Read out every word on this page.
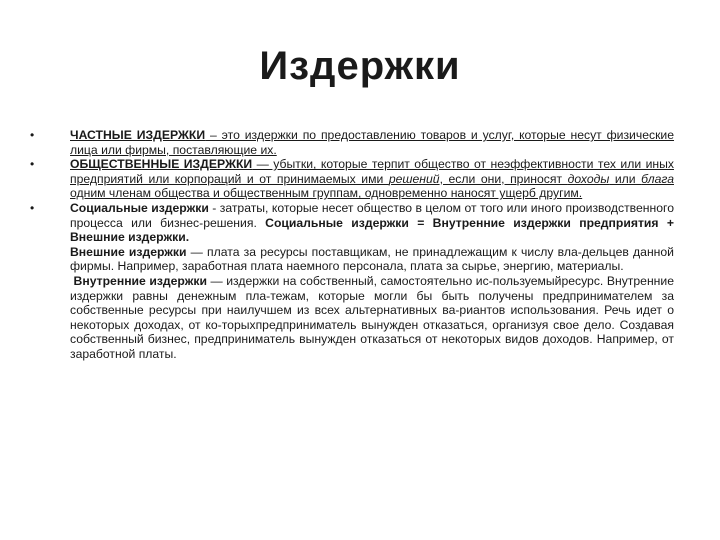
Издержки
•	ЧАСТНЫЕ ИЗДЕРЖКИ – это издержки по предоставлению товаров и услуг, которые несут физические лица или фирмы, поставляющие их.

•	ОБЩЕСТВЕННЫЕ ИЗДЕРЖКИ — убытки, которые терпит общество от неэффективности тех или иных предприятий или корпораций и от принимаемых ими решений, если они, приносят доходы или блага одним членам общества и общественным группам, одновременно наносят ущерб другим.

•	Социальные издержки - затраты, которые несет общество в целом от того или иного производственного процесса или бизнес-решения. Социальные издержки = Внутренние издержки предприятия + Внешние издержки.

Внешние издержки — плата за ресурсы поставщикам, не принадлежащим к числу вла-дельцев данной фирмы. Например, заработная плата наемного персонала, плата за сырье, энергию, материалы.

Внутренние издержки — издержки на собственный, самостоятельно ис-пользуемыйресурс. Внутренние издержки равны денежным пла-тежам, которые могли бы быть получены предпринимателем за собственные ресурсы при наилучшем из всех альтернативных ва-риантов использования. Речь идет о некоторых доходах, от ко-торыхпредприниматель вынужден отказаться, организуя свое дело. Создавая собственный бизнес, предприниматель вынужден отказаться от некоторых видов доходов. Например, от заработной платы.
